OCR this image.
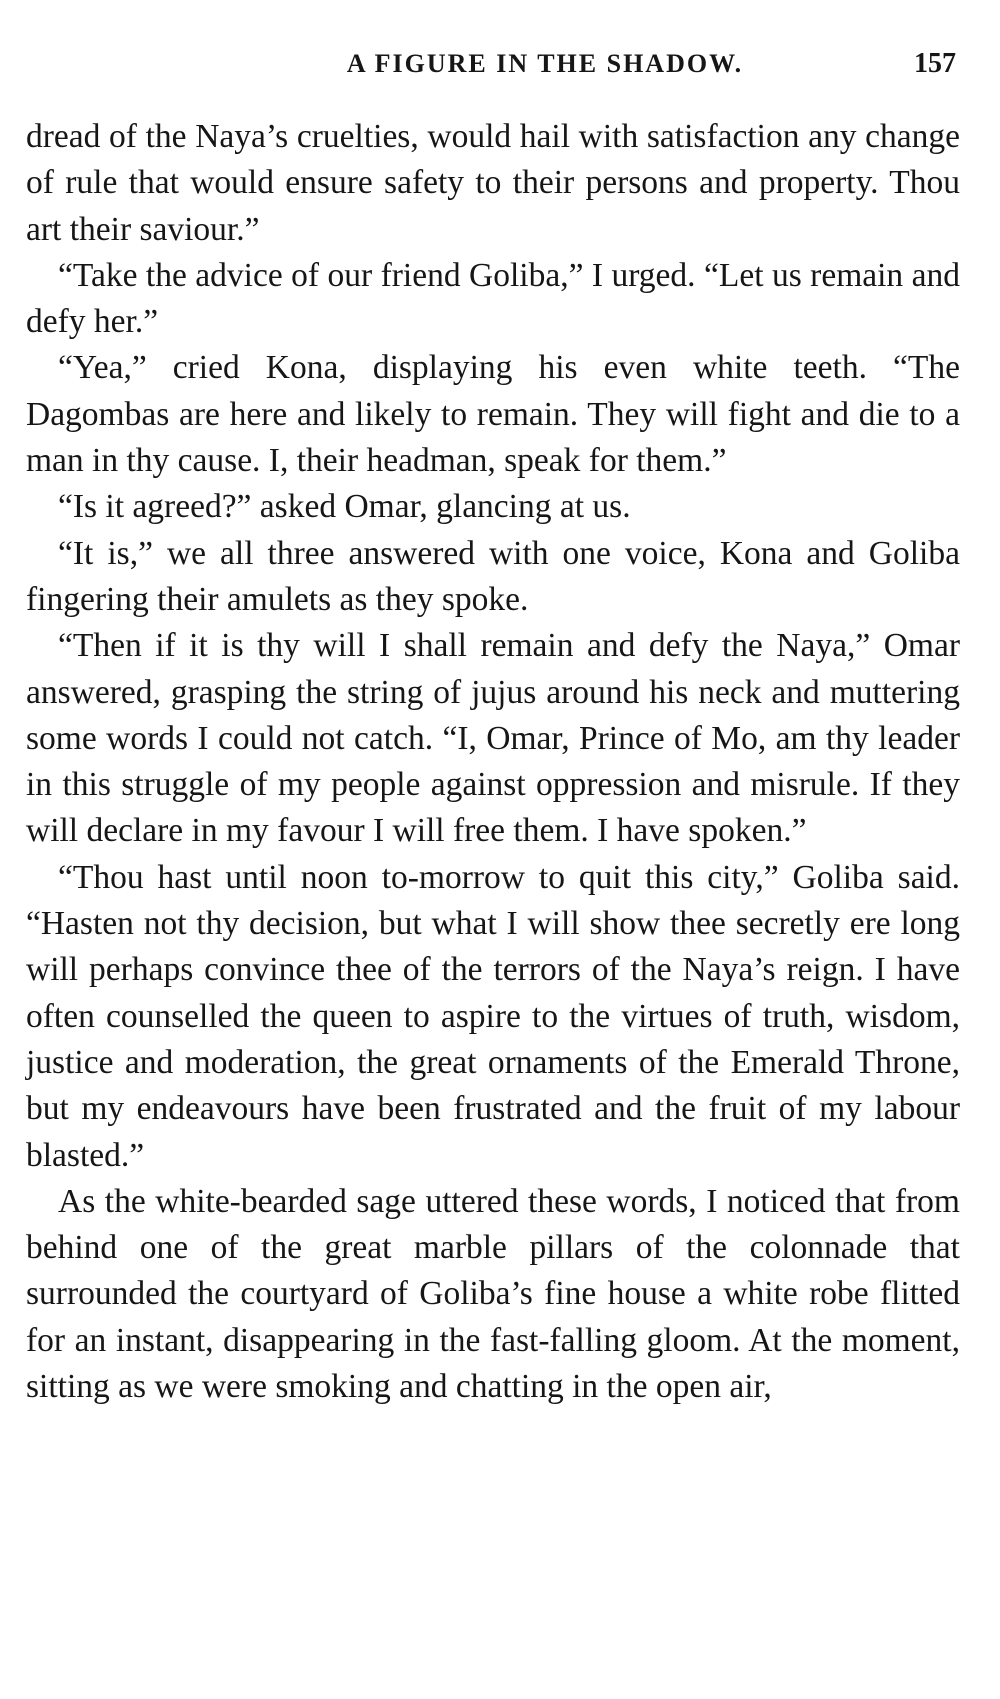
A FIGURE IN THE SHADOW.	157

dread of the Naya’s cruelties, would hail with satisfaction any change of rule that would ensure safety to their persons and property. Thou art their saviour.”

“Take the advice of our friend Goliba,” I urged. “Let us remain and defy her.”

“Yea,” cried Kona, displaying his even white teeth. “The Dagombas are here and likely to remain. They will fight and die to a man in thy cause. I, their headman, speak for them.”

“Is it agreed?” asked Omar, glancing at us.

“It is,” we all three answered with one voice, Kona and Goliba fingering their amulets as they spoke.

“Then if it is thy will I shall remain and defy the Naya,” Omar answered, grasping the string of jujus around his neck and muttering some words I could not catch. “I, Omar, Prince of Mo, am thy leader in this struggle of my people against oppression and misrule. If they will declare in my favour I will free them. I have spoken.”

“Thou hast until noon to-morrow to quit this city,” Goliba said. “Hasten not thy decision, but what I will show thee secretly ere long will perhaps convince thee of the terrors of the Naya’s reign. I have often counselled the queen to aspire to the virtues of truth, wisdom, justice and moderation, the great ornaments of the Emerald Throne, but my endeavours have been frustrated and the fruit of my labour blasted.”

As the white-bearded sage uttered these words, I noticed that from behind one of the great marble pillars of the colonnade that surrounded the courtyard of Goliba’s fine house a white robe flitted for an instant, disappearing in the fast-falling gloom. At the moment, sitting as we were smoking and chatting in the open air,
